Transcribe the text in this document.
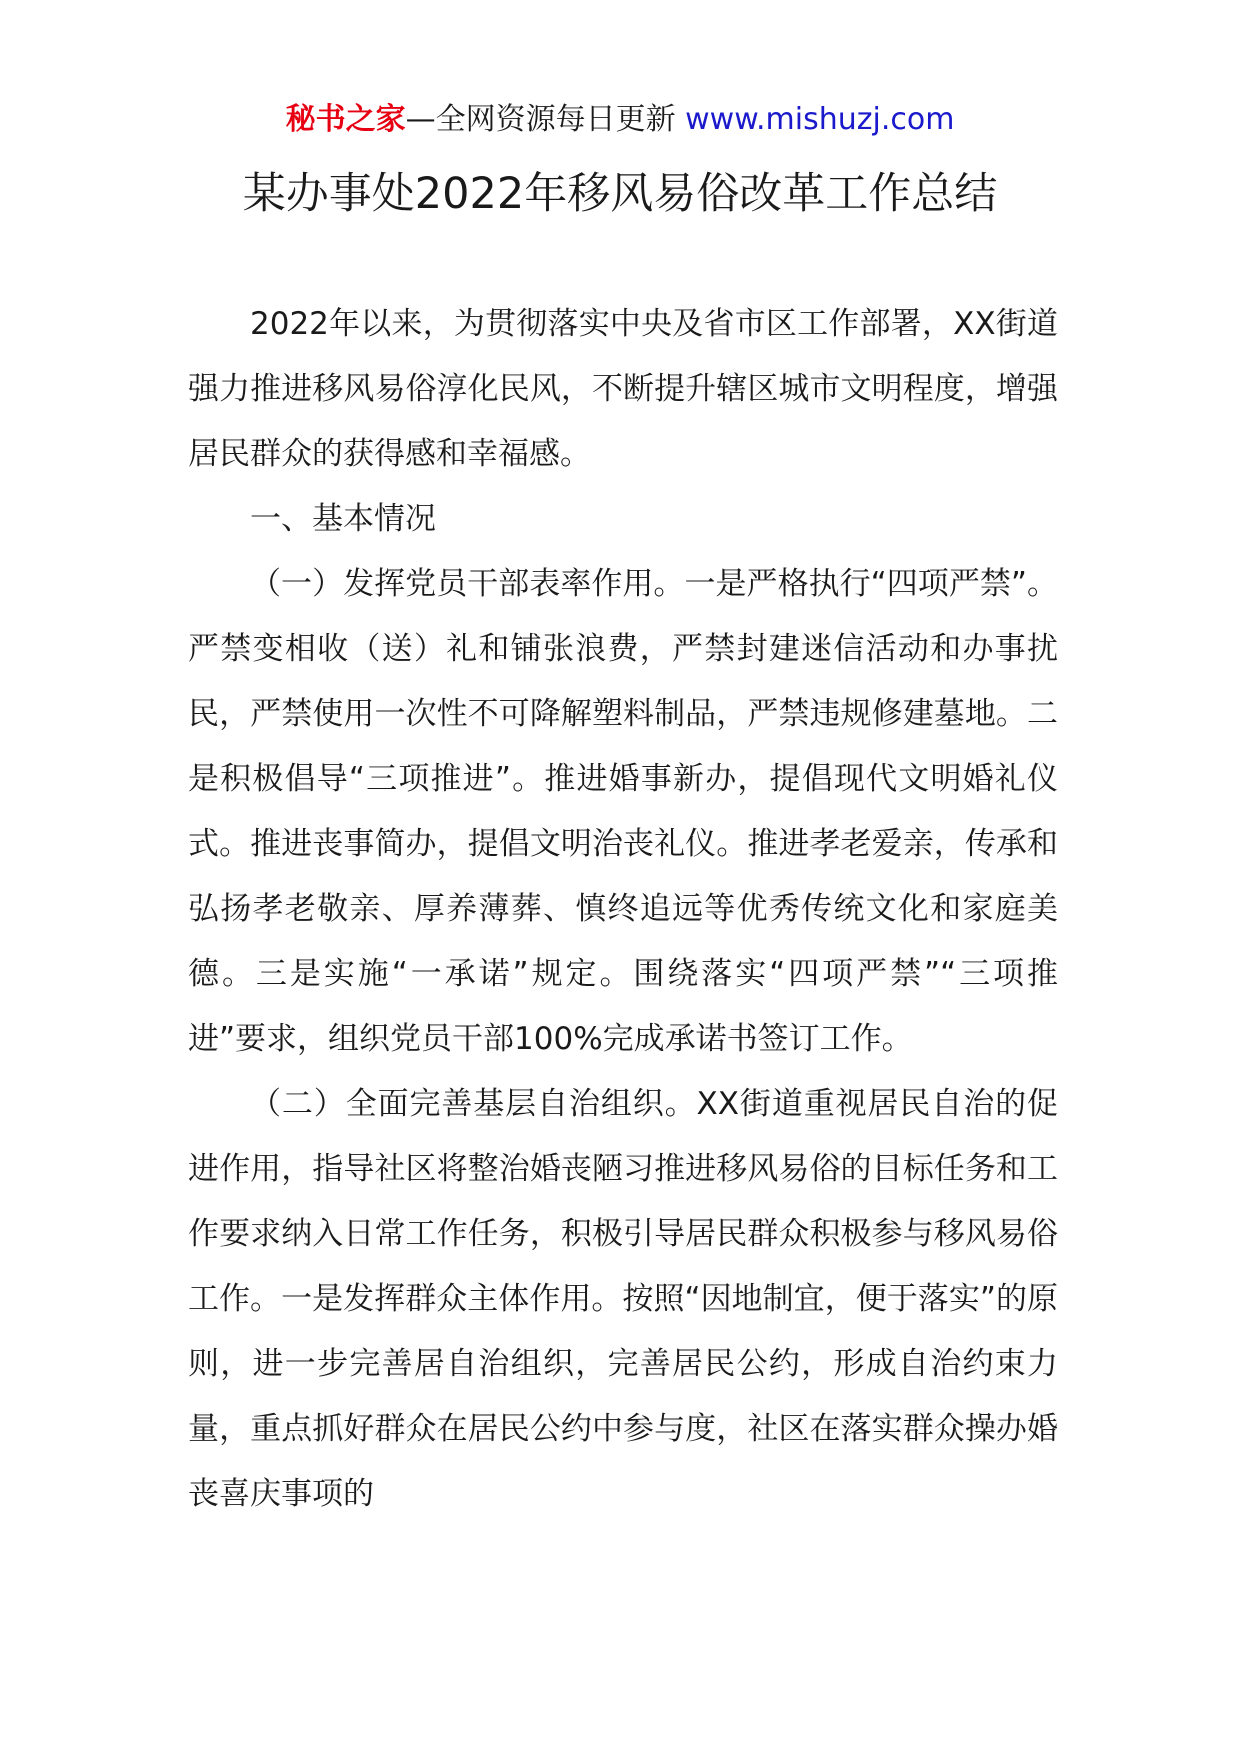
秘书之家—全网资源每日更新 www.mishuzj.com
某办事处2022年移风易俗改革工作总结

2022年以来，为贯彻落实中央及省市区工作部署，XX街道强力推进移风易俗淳化民风，不断提升辖区城市文明程度，增强居民群众的获得感和幸福感。

一、基本情况

（一）发挥党员干部表率作用。一是严格执行“四项严禁”。严禁变相收（送）礼和铺张浪费，严禁封建迷信活动和办事扰民，严禁使用一次性不可降解塑料制品，严禁违规修建墓地。二是积极倡导“三项推进”。推进婚事新办，提倡现代文明婚礼仪式。推进丧事简办，提倡文明治丧礼仪。推进孝老爱亲，传承和弘扬孝老敬亲、厚养薄葬、慎终追远等优秀传统文化和家庭美德。三是实施“一承诺”规定。围绕落实“四项严禁”“三项推进”要求，组织党员干部100%完成承诺书签订工作。

（二）全面完善基层自治组织。XX街道重视居民自治的促进作用，指导社区将整治婚丧陋习推进移风易俗的目标任务和工作要求纳入日常工作任务，积极引导居民群众积极参与移风易俗工作。一是发挥群众主体作用。按照“因地制宜，便于落实”的原则，进一步完善居自治组织，完善居民公约，形成自治约束力量，重点抓好群众在居民公约中参与度，社区在落实群众操办婚丧喜庆事项的
